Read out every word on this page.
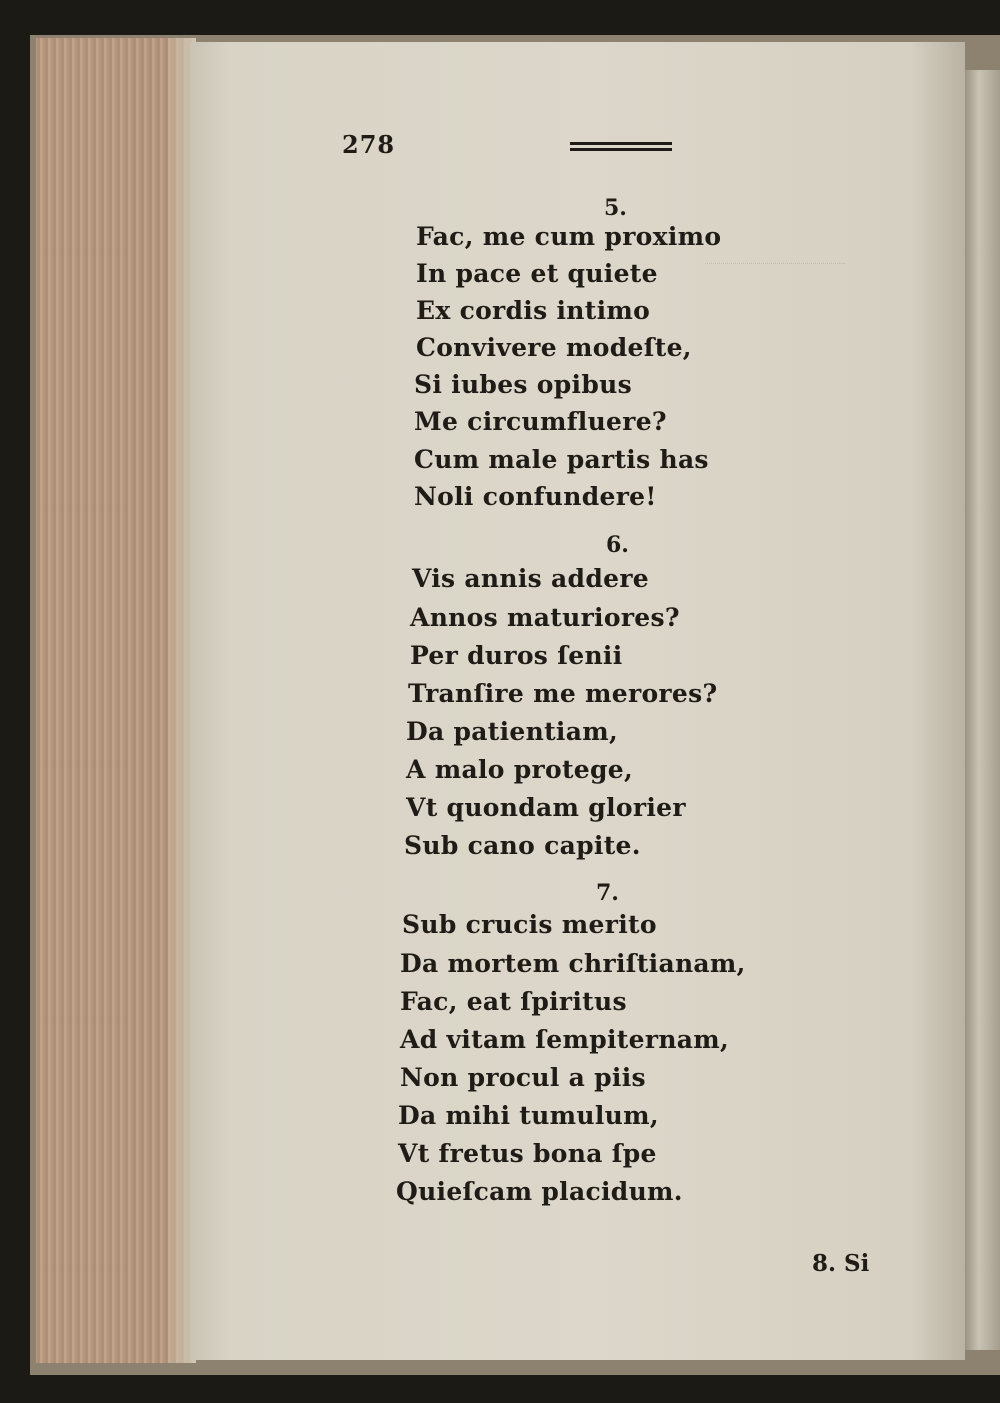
278
5.
Fac, me cum proximo
In pace et quiete
Ex cordis intimo
Convivere modeſte,
Si iubes opibus
Me circumfluere?
Cum male partis has
Noli confundere!
6.
Vis annis addere
Annos maturiores?
Per duros ſenii
Tranſire me merores?
Da patientiam,
A malo protege,
Vt quondam glorier
Sub cano capite.
7.
Sub crucis merito
Da mortem chriſtianam,
Fac, eat ſpiritus
Ad vitam ſempiternam,
Non procul a piis
Da mihi tumulum,
Vt fretus bona ſpe
Quieſcam placidum.
8. Si
